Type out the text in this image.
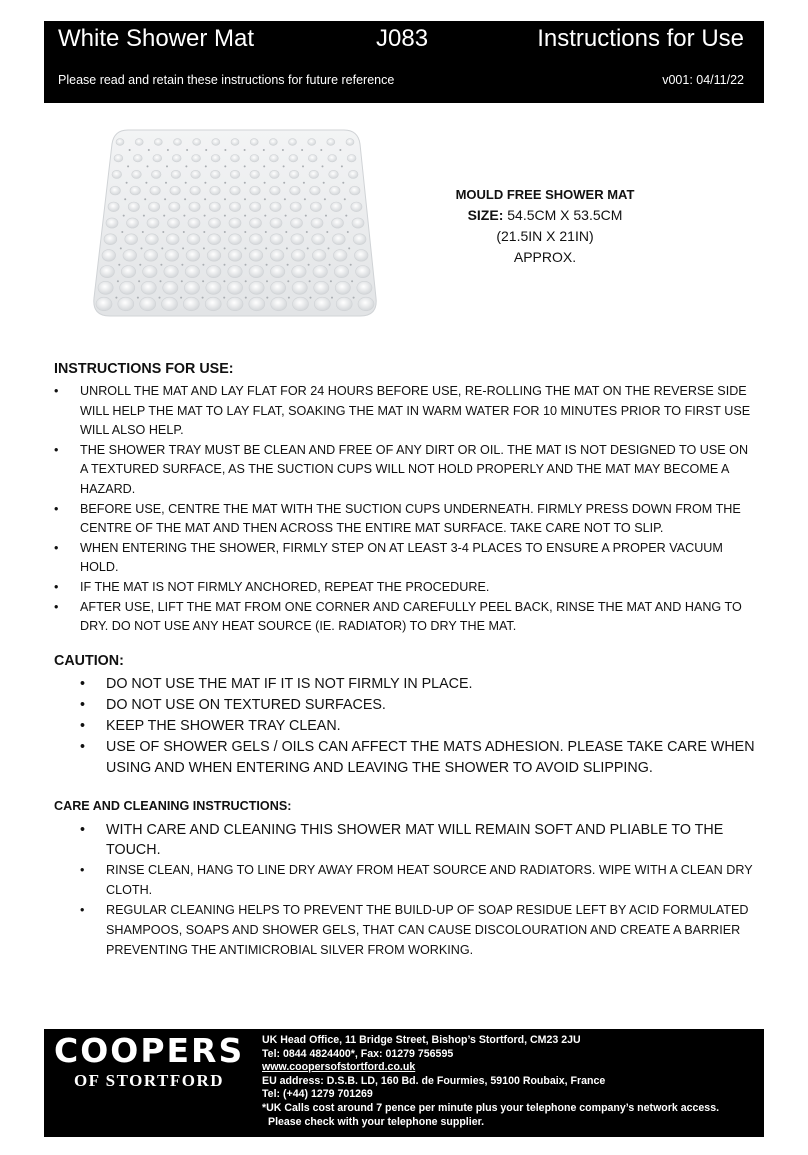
White Shower Mat	J083	Instructions for Use
Please read and retain these instructions for future reference	v001: 04/11/22
MOULD FREE SHOWER MAT
SIZE: 54.5CM X 53.5CM
(21.5IN X 21IN)
APPROX.
INSTRUCTIONS FOR USE:
• UNROLL THE MAT AND LAY FLAT FOR 24 HOURS BEFORE USE, RE-ROLLING THE MAT ON THE REVERSE SIDE WILL HELP THE MAT TO LAY FLAT, SOAKING THE MAT IN WARM WATER FOR 10 MINUTES PRIOR TO FIRST USE WILL ALSO HELP.
• THE SHOWER TRAY MUST BE CLEAN AND FREE OF ANY DIRT OR OIL. THE MAT IS NOT DESIGNED TO USE ON A TEXTURED SURFACE, AS THE SUCTION CUPS WILL NOT HOLD PROPERLY AND THE MAT MAY BECOME A HAZARD.
• BEFORE USE, CENTRE THE MAT WITH THE SUCTION CUPS UNDERNEATH. FIRMLY PRESS DOWN FROM THE CENTRE OF THE MAT AND THEN ACROSS THE ENTIRE MAT SURFACE. TAKE CARE NOT TO SLIP.
• WHEN ENTERING THE SHOWER, FIRMLY STEP ON AT LEAST 3-4 PLACES TO ENSURE A PROPER VACUUM HOLD.
• IF THE MAT IS NOT FIRMLY ANCHORED, REPEAT THE PROCEDURE.
• AFTER USE, LIFT THE MAT FROM ONE CORNER AND CAREFULLY PEEL BACK, RINSE THE MAT AND HANG TO DRY. DO NOT USE ANY HEAT SOURCE (IE. RADIATOR) TO DRY THE MAT.
CAUTION:
• DO NOT USE THE MAT IF IT IS NOT FIRMLY IN PLACE.
• DO NOT USE ON TEXTURED SURFACES.
• KEEP THE SHOWER TRAY CLEAN.
• USE OF SHOWER GELS / OILS CAN AFFECT THE MATS ADHESION. PLEASE TAKE CARE WHEN USING AND WHEN ENTERING AND LEAVING THE SHOWER TO AVOID SLIPPING.
CARE AND CLEANING INSTRUCTIONS:
• WITH CARE AND CLEANING THIS SHOWER MAT WILL REMAIN SOFT AND PLIABLE TO THE TOUCH.
• RINSE CLEAN, HANG TO LINE DRY AWAY FROM HEAT SOURCE AND RADIATORS. WIPE WITH A CLEAN DRY CLOTH.
• REGULAR CLEANING HELPS TO PREVENT THE BUILD-UP OF SOAP RESIDUE LEFT BY ACID FORMULATED SHAMPOOS, SOAPS AND SHOWER GELS, THAT CAN CAUSE DISCOLOURATION AND CREATE A BARRIER PREVENTING THE ANTIMICROBIAL SILVER FROM WORKING.
COOPERS
OF STORTFORD
UK Head Office, 11 Bridge Street, Bishop’s Stortford, CM23 2JU
Tel: 0844 4824400*, Fax: 01279 756595
www.coopersofstortford.co.uk
EU address: D.S.B. LD, 160 Bd. de Fourmies, 59100 Roubaix, France
Tel: (+44) 1279 701269
*UK Calls cost around 7 pence per minute plus your telephone company’s network access.
Please check with your telephone supplier.
